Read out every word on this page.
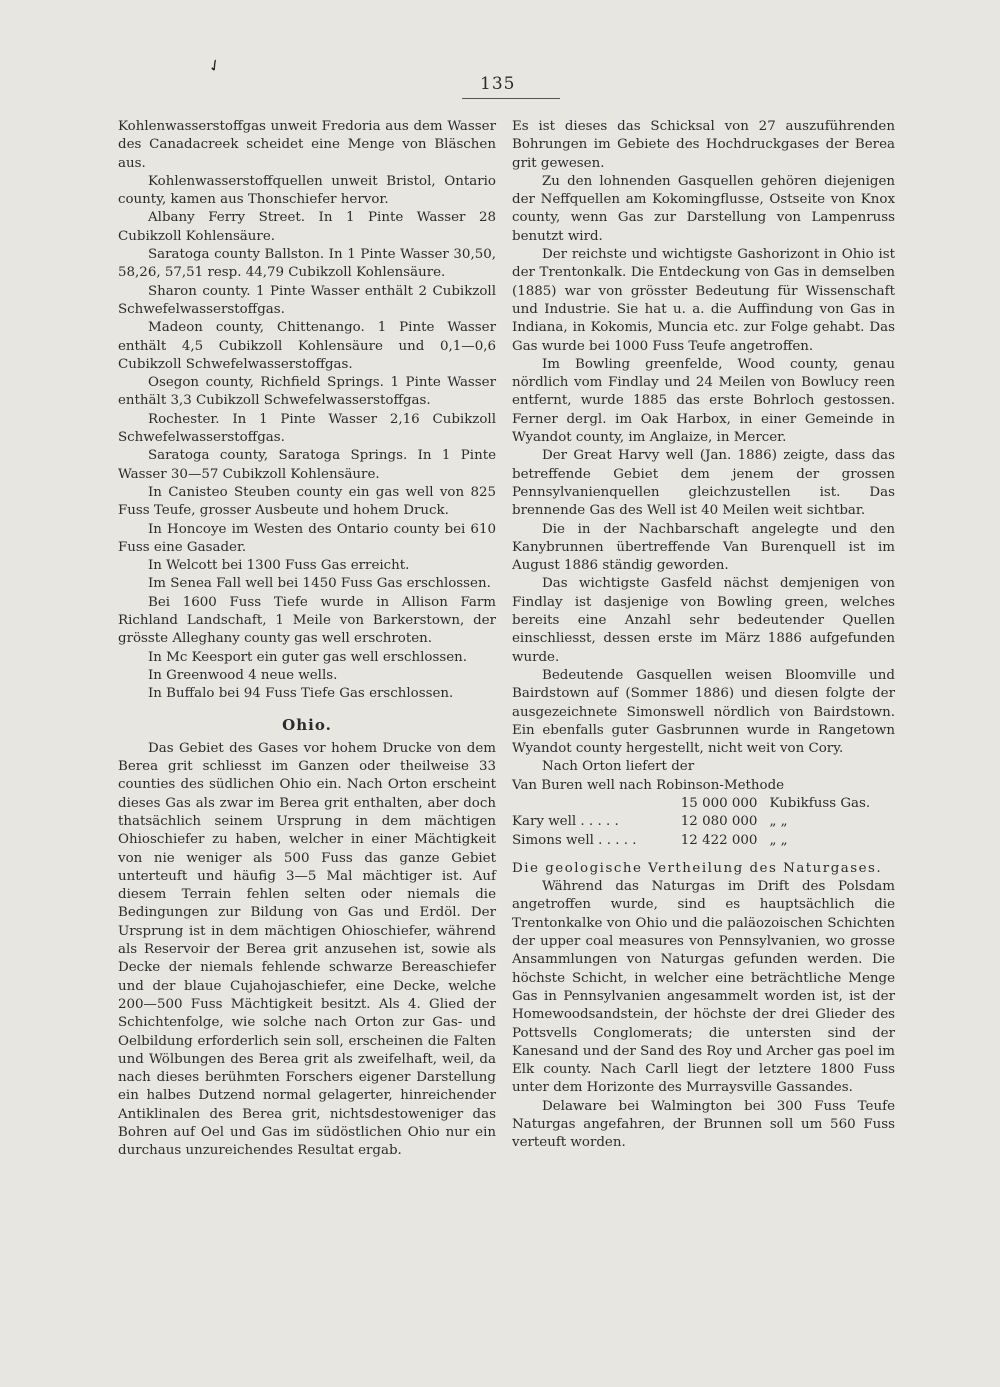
✓
135

Kohlenwasserstoffgas unweit Fredoria aus dem Wasser des Canadacreek scheidet eine Menge von Bläschen aus.

Kohlenwasserstoffquellen unweit Bristol, Ontario county, kamen aus Thonschiefer hervor.

Albany Ferry Street. In 1 Pinte Wasser 28 Cubikzoll Kohlensäure.

Saratoga county Ballston. In 1 Pinte Wasser 30,50, 58,26, 57,51 resp. 44,79 Cubikzoll Kohlensäure.

Sharon county. 1 Pinte Wasser enthält 2 Cubikzoll Schwefelwasserstoffgas.

Madeon county, Chittenango. 1 Pinte Wasser enthält 4,5 Cubikzoll Kohlensäure und 0,1—0,6 Cubikzoll Schwefelwasserstoffgas.

Osegon county, Richfield Springs. 1 Pinte Wasser enthält 3,3 Cubikzoll Schwefelwasserstoffgas.

Rochester. In 1 Pinte Wasser 2,16 Cubikzoll Schwefelwasserstoffgas.

Saratoga county, Saratoga Springs. In 1 Pinte Wasser 30—57 Cubikzoll Kohlensäure.

In Canisteo Steuben county ein gas well von 825 Fuss Teufe, grosser Ausbeute und hohem Druck.

In Honcoye im Westen des Ontario county bei 610 Fuss eine Gasader.

In Welcott bei 1300 Fuss Gas erreicht.

Im Senea Fall well bei 1450 Fuss Gas erschlossen.

Bei 1600 Fuss Tiefe wurde in Allison Farm Richland Landschaft, 1 Meile von Barkerstown, der grösste Alleghany county gas well erschroten.

In Mc Keesport ein guter gas well erschlossen.

In Greenwood 4 neue wells.

In Buffalo bei 94 Fuss Tiefe Gas erschlossen.

Ohio.

Das Gebiet des Gases vor hohem Drucke von dem Berea grit schliesst im Ganzen oder theilweise 33 counties des südlichen Ohio ein. Nach Orton erscheint dieses Gas als zwar im Berea grit enthalten, aber doch thatsächlich seinem Ursprung in dem mächtigen Ohioschiefer zu haben, welcher in einer Mächtigkeit von nie weniger als 500 Fuss das ganze Gebiet unterteuft und häufig 3—5 Mal mächtiger ist. Auf diesem Terrain fehlen selten oder niemals die Bedingungen zur Bildung von Gas und Erdöl. Der Ursprung ist in dem mächtigen Ohioschiefer, während als Reservoir der Berea grit anzusehen ist, sowie als Decke der niemals fehlende schwarze Bereaschiefer und der blaue Cujahojaschiefer, eine Decke, welche 200—500 Fuss Mächtigkeit besitzt. Als 4. Glied der Schichtenfolge, wie solche nach Orton zur Gas- und Oelbildung erforderlich sein soll, erscheinen die Falten und Wölbungen des Berea grit als zweifelhaft, weil, da nach dieses berühmten Forschers eigener Darstellung ein halbes Dutzend normal gelagerter, hinreichender Antiklinalen des Berea grit, nichtsdestoweniger das Bohren auf Oel und Gas im südöstlichen Ohio nur ein durchaus unzureichendes Resultat ergab.

Es ist dieses das Schicksal von 27 auszuführenden Bohrungen im Gebiete des Hochdruckgases der Berea grit gewesen.

Zu den lohnenden Gasquellen gehören diejenigen der Neffquellen am Kokomingflusse, Ostseite von Knox county, wenn Gas zur Darstellung von Lampenruss benutzt wird.

Der reichste und wichtigste Gashorizont in Ohio ist der Trentonkalk. Die Entdeckung von Gas in demselben (1885) war von grösster Bedeutung für Wissenschaft und Industrie. Sie hat u. a. die Auffindung von Gas in Indiana, in Kokomis, Muncia etc. zur Folge gehabt. Das Gas wurde bei 1000 Fuss Teufe angetroffen.

Im Bowling greenfelde, Wood county, genau nördlich vom Findlay und 24 Meilen von Bowlucy reen entfernt, wurde 1885 das erste Bohrloch gestossen. Ferner dergl. im Oak Harbox, in einer Gemeinde in Wyandot county, im Anglaize, in Mercer.

Der Great Harvy well (Jan. 1886) zeigte, dass das betreffende Gebiet dem jenem der grossen Pennsylvanienquellen gleichzustellen ist. Das brennende Gas des Well ist 40 Meilen weit sichtbar.

Die in der Nachbarschaft angelegte und den Kanybrunnen übertreffende Van Burenquell ist im August 1886 ständig geworden.

Das wichtigste Gasfeld nächst demjenigen von Findlay ist dasjenige von Bowling green, welches bereits eine Anzahl sehr bedeutender Quellen einschliesst, dessen erste im März 1886 aufgefunden wurde.

Bedeutende Gasquellen weisen Bloomville und Bairdstown auf (Sommer 1886) und diesen folgte der ausgezeichnete Simonswell nördlich von Bairdstown. Ein ebenfalls guter Gasbrunnen wurde in Rangetown Wyandot county hergestellt, nicht weit von Cory.

Nach Orton liefert der

Van Buren well nach Robinson-Methode		
	15 000 000	Kubikfuss Gas.
Kary well . . . . .	12 080 000	„ „
Simons well . . . . .	12 422 000	„ „

Die geologische Vertheilung des Naturgases.

Während das Naturgas im Drift des Polsdam angetroffen wurde, sind es hauptsächlich die Trentonkalke von Ohio und die paläozoischen Schichten der upper coal measures von Pennsylvanien, wo grosse Ansammlungen von Naturgas gefunden werden. Die höchste Schicht, in welcher eine beträchtliche Menge Gas in Pennsylvanien angesammelt worden ist, ist der Homewoodsandstein, der höchste der drei Glieder des Pottsvells Conglomerats; die untersten sind der Kanesand und der Sand des Roy und Archer gas poel im Elk county. Nach Carll liegt der letztere 1800 Fuss unter dem Horizonte des Murraysville Gassandes.

Delaware bei Walmington bei 300 Fuss Teufe Naturgas angefahren, der Brunnen soll um 560 Fuss verteuft worden.
